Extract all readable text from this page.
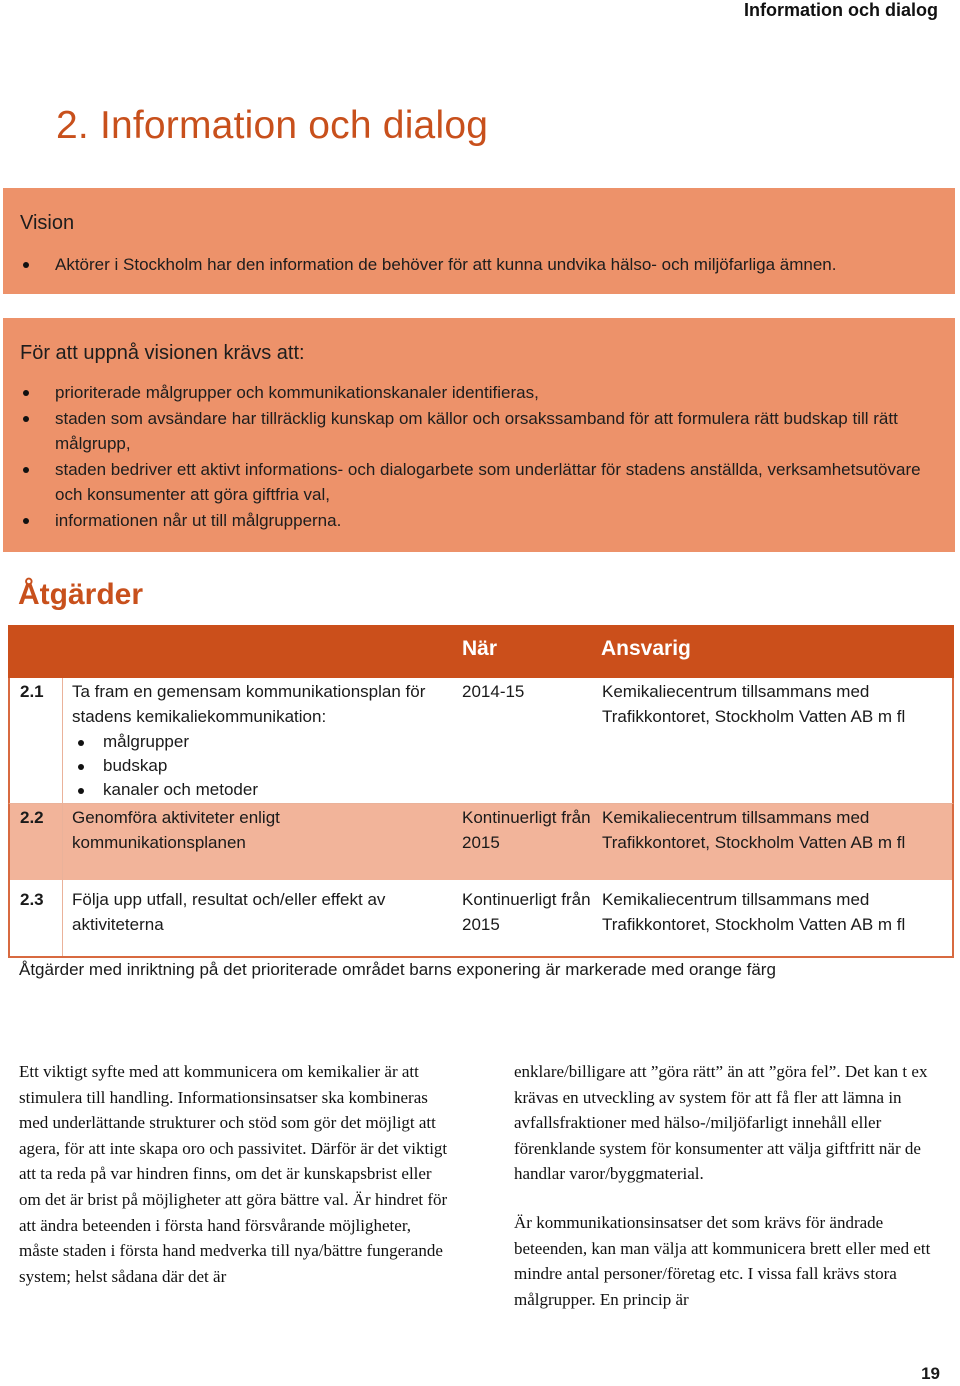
Information och dialog
2. Information och dialog
Vision
Aktörer i Stockholm har den information de behöver för att kunna undvika hälso- och miljöfarliga ämnen.
För att uppnå visionen krävs att:
prioriterade målgrupper och kommunikationskanaler identifieras,
staden som avsändare har tillräcklig kunskap om källor och orsakssamband för att formulera rätt budskap till rätt målgrupp,
staden bedriver ett aktivt informations- och dialogarbete som underlättar för stadens anställda, verksamhetsutövare och konsumenter att göra giftfria val,
informationen når ut till målgrupperna.
Åtgärder
När	Ansvarig
2.1 Ta fram en gemensam kommunikationsplan för stadens kemikaliekommunikation:
målgrupper
budskap
kanaler och metoder
2014-15	Kemikaliecentrum tillsammans med Trafikkontoret, Stockholm Vatten AB m fl
2.2 Genomföra aktiviteter enligt kommunikationsplanen
Kontinuerligt från 2015
Kemikaliecentrum tillsammans med Trafikkontoret, Stockholm Vatten AB m fl
2.3 Följa upp utfall, resultat och/eller effekt av aktiviteterna
Kontinuerligt från 2015
Kemikaliecentrum tillsammans med Trafikkontoret, Stockholm Vatten AB m fl

Åtgärder med inriktning på det prioriterade området barns exponering är markerade med orange färg

Ett viktigt syfte med att kommunicera om kemikalier är att stimulera till handling. Informationsinsatser ska kombineras med underlättande strukturer och stöd som gör det möjligt att agera, för att inte skapa oro och passivitet. Därför är det viktigt att ta reda på var hindren finns, om det är kunskapsbrist eller om det är brist på möjligheter att göra bättre val. Är hindret för att ändra beteenden i första hand försvårande möjligheter, måste staden i första hand medverka till nya/bättre fungerande system; helst sådana där det är

enklare/billigare att ”göra rätt” än att ”göra fel”. Det kan t ex krävas en utveckling av system för att få fler att lämna in avfallsfraktioner med hälso-/miljöfarligt innehåll eller förenklande system för konsumenter att välja giftfritt när de handlar varor/byggmaterial.

Är kommunikationsinsatser det som krävs för ändrade beteenden, kan man välja att kommunicera brett eller med ett mindre antal personer/företag etc. I vissa fall krävs stora målgrupper. En princip är

19
